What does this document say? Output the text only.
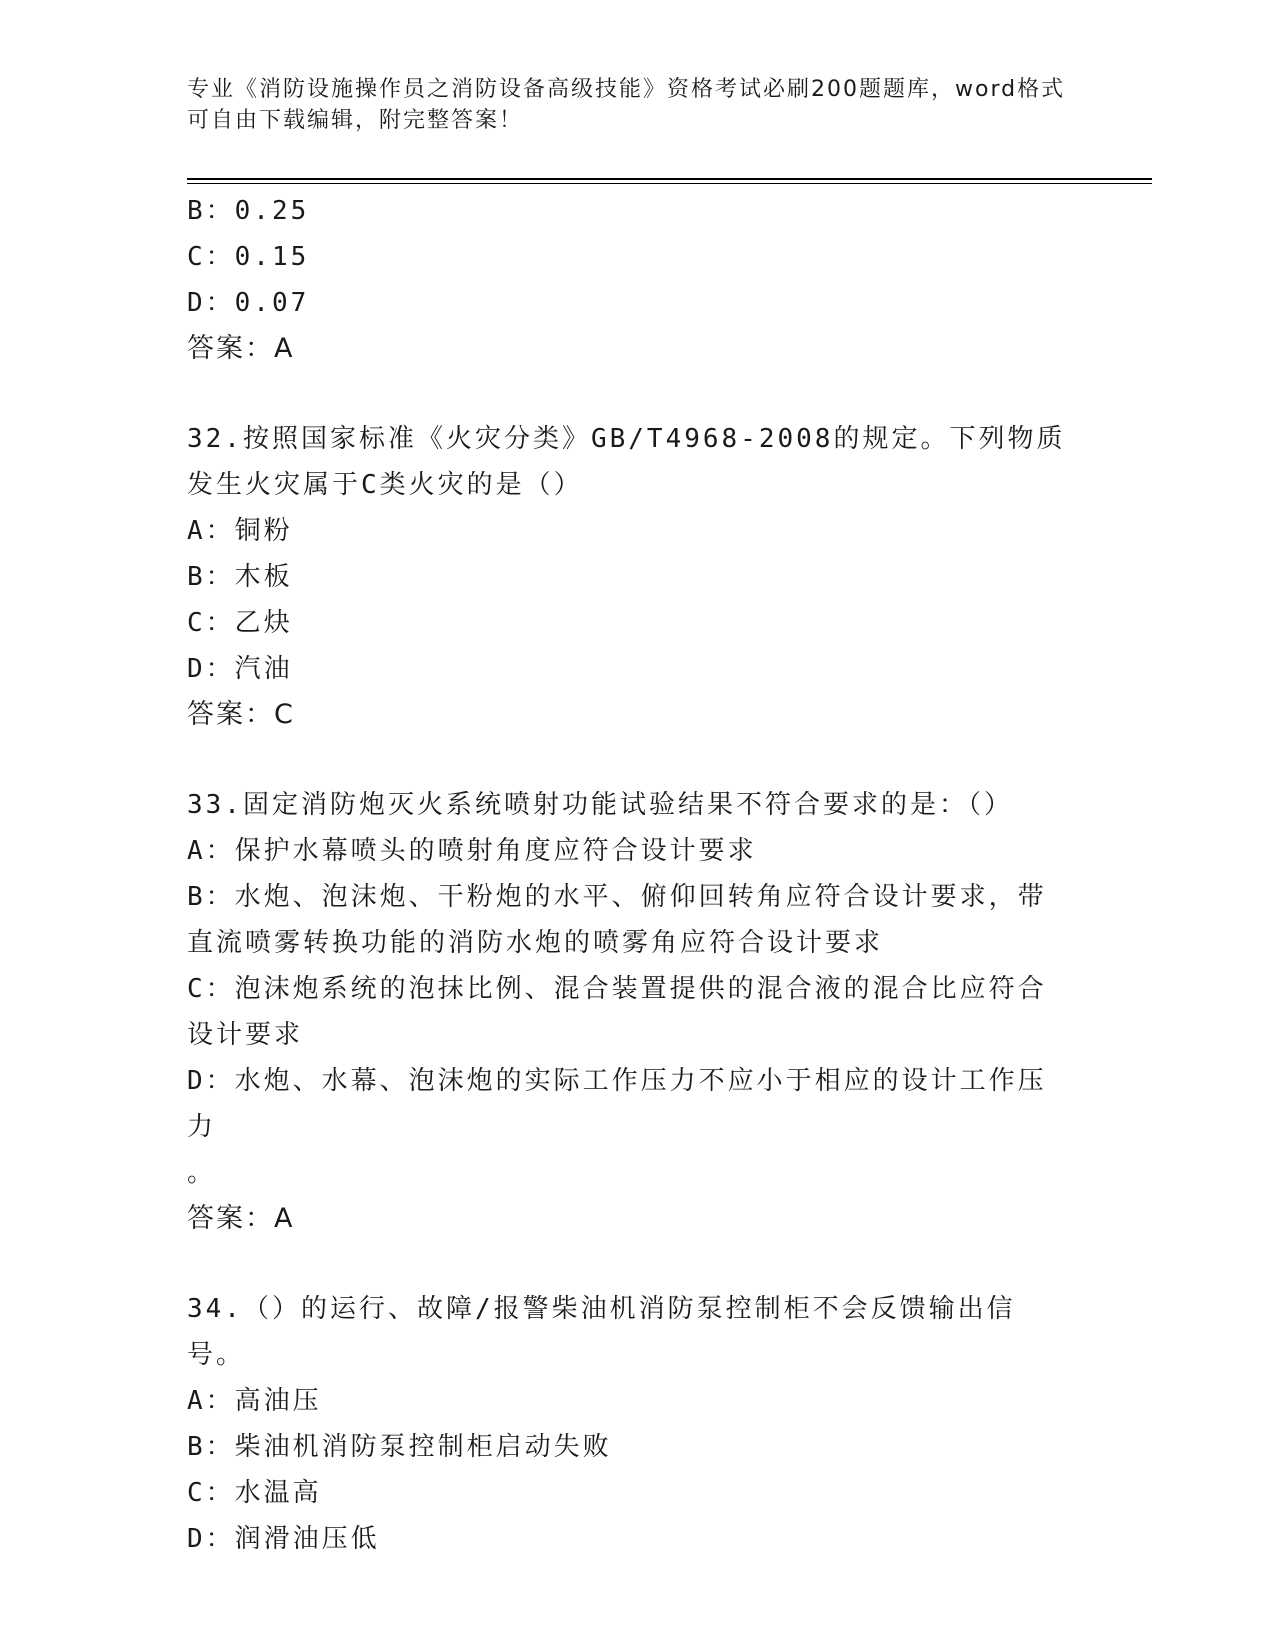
专业《消防设施操作员之消防设备高级技能》资格考试必刷200题题库，word格式可自由下载编辑，附完整答案！
B：0.25
C：0.15
D：0.07
答案：A
32.按照国家标准《火灾分类》GB/T4968-2008的规定。下列物质发生火灾属于C类火灾的是（）
A：铜粉
B：木板
C：乙炔
D：汽油
答案：C
33.固定消防炮灭火系统喷射功能试验结果不符合要求的是：（）
A：保护水幕喷头的喷射角度应符合设计要求
B：水炮、泡沫炮、干粉炮的水平、俯仰回转角应符合设计要求，带直流喷雾转换功能的消防水炮的喷雾角应符合设计要求
C：泡沫炮系统的泡抹比例、混合装置提供的混合液的混合比应符合设计要求
D：水炮、水幕、泡沫炮的实际工作压力不应小于相应的设计工作压力
。
答案：A
34.（）的运行、故障/报警柴油机消防泵控制柜不会反馈输出信号。
A：高油压
B：柴油机消防泵控制柜启动失败
C：水温高
D：润滑油压低
